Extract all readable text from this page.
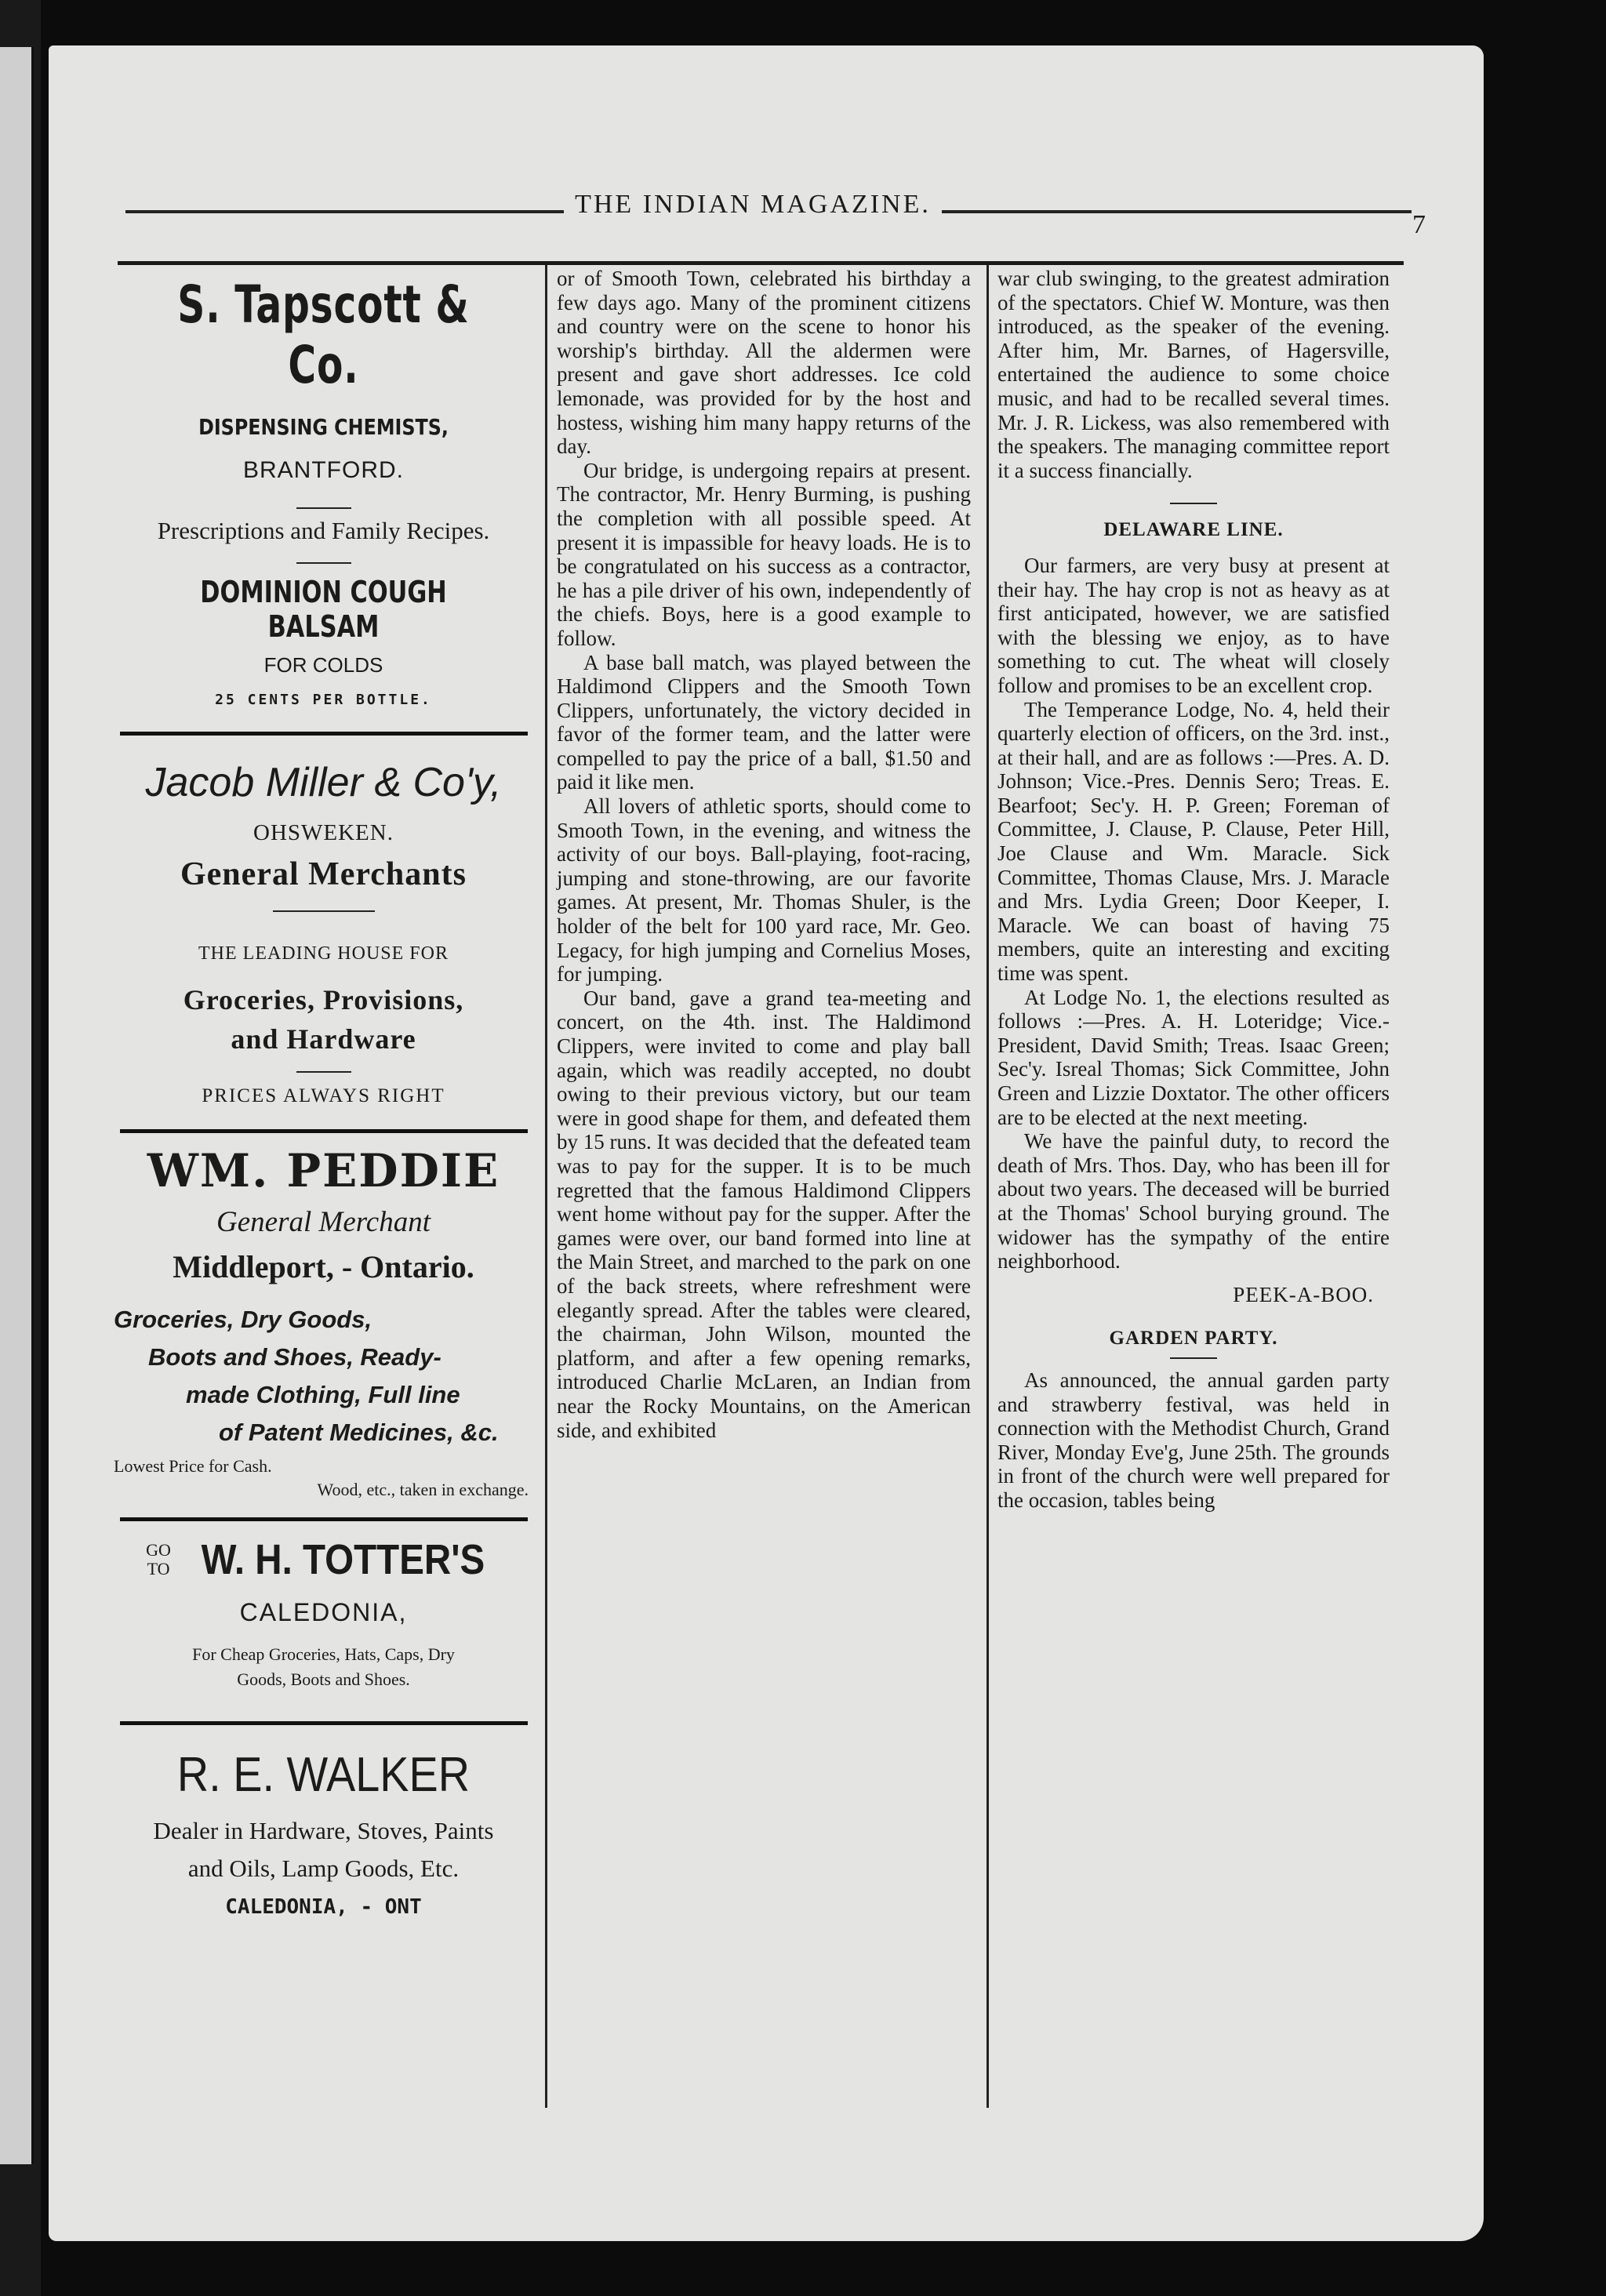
THE INDIAN MAGAZINE.
7
S. Tapscott & Co.
DISPENSING CHEMISTS,
BRANTFORD.
Prescriptions and Family Recipes.
DOMINION COUGH BALSAM
FOR COLDS
25 CENTS PER BOTTLE.
Jacob Miller & Co'y,
OHSWEKEN.
General Merchants
THE LEADING HOUSE FOR
Groceries, Provisions,
and Hardware
PRICES ALWAYS RIGHT
WM. PEDDIE
General Merchant
Middleport, - Ontario.
Groceries, Dry Goods,
Boots and Shoes, Ready-
made Clothing, Full line
of Patent Medicines, &c.
Lowest Price for Cash.
Wood, etc., taken in exchange.
GO TO W. H. TOTTER'S
CALEDONIA,
For Cheap Groceries, Hats, Caps, Dry
Goods, Boots and Shoes.
R. E. WALKER
Dealer in Hardware, Stoves, Paints
and Oils, Lamp Goods, Etc.
CALEDONIA, - ONT

or of Smooth Town, celebrated his birthday a few days ago. Many of the prominent citizens and country were on the scene to honor his worship's birthday. All the aldermen were present and gave short addresses. Ice cold lemonade, was provided for by the host and hostess, wishing him many happy returns of the day.

Our bridge, is undergoing repairs at present. The contractor, Mr. Henry Burming, is pushing the completion with all possible speed. At present it is impassible for heavy loads. He is to be congratulated on his success as a contractor, he has a pile driver of his own, independently of the chiefs. Boys, here is a good example to follow.

A base ball match, was played between the Haldimond Clippers and the Smooth Town Clippers, unfortunately, the victory decided in favor of the former team, and the latter were compelled to pay the price of a ball, $1.50 and paid it like men.

All lovers of athletic sports, should come to Smooth Town, in the evening, and witness the activity of our boys. Ball-playing, foot-racing, jumping and stone-throwing, are our favorite games. At present, Mr. Thomas Shuler, is the holder of the belt for 100 yard race, Mr. Geo. Legacy, for high jumping and Cornelius Moses, for jumping.

Our band, gave a grand tea-meeting and concert, on the 4th. inst. The Haldimond Clippers, were invited to come and play ball again, which was readily accepted, no doubt owing to their previous victory, but our team were in good shape for them, and defeated them by 15 runs. It was decided that the defeated team was to pay for the supper. It is to be much regretted that the famous Haldimond Clippers went home without pay for the supper. After the games were over, our band formed into line at the Main Street, and marched to the park on one of the back streets, where refreshment were elegantly spread. After the tables were cleared, the chairman, John Wilson, mounted the platform, and after a few opening remarks, introduced Charlie McLaren, an Indian from near the Rocky Mountains, on the American side, and exhibited

war club swinging, to the greatest admiration of the spectators. Chief W. Monture, was then introduced, as the speaker of the evening. After him, Mr. Barnes, of Hagersville, entertained the audience to some choice music, and had to be recalled several times. Mr. J. R. Lickess, was also remembered with the speakers. The managing committee report it a success financially.

DELAWARE LINE.

Our farmers, are very busy at present at their hay. The hay crop is not as heavy as at first anticipated, however, we are satisfied with the blessing we enjoy, as to have something to cut. The wheat will closely follow and promises to be an excellent crop.

The Temperance Lodge, No. 4, held their quarterly election of officers, on the 3rd. inst., at their hall, and are as follows :—Pres. A. D. Johnson; Vice.-Pres. Dennis Sero; Treas. E. Bearfoot; Sec'y. H. P. Green; Foreman of Committee, J. Clause, P. Clause, Peter Hill, Joe Clause and Wm. Maracle. Sick Committee, Thomas Clause, Mrs. J. Maracle and Mrs. Lydia Green; Door Keeper, I. Maracle. We can boast of having 75 members, quite an interesting and exciting time was spent.

At Lodge No. 1, the elections resulted as follows :—Pres. A. H. Loteridge; Vice.-President, David Smith; Treas. Isaac Green; Sec'y. Isreal Thomas; Sick Committee, John Green and Lizzie Doxtator. The other officers are to be elected at the next meeting.

We have the painful duty, to record the death of Mrs. Thos. Day, who has been ill for about two years. The deceased will be burried at the Thomas' School burying ground. The widower has the sympathy of the entire neighborhood.

PEEK-A-BOO.
GARDEN PARTY.

As announced, the annual garden party and strawberry festival, was held in connection with the Methodist Church, Grand River, Monday Eve'g, June 25th. The grounds in front of the church were well prepared for the occasion, tables being
